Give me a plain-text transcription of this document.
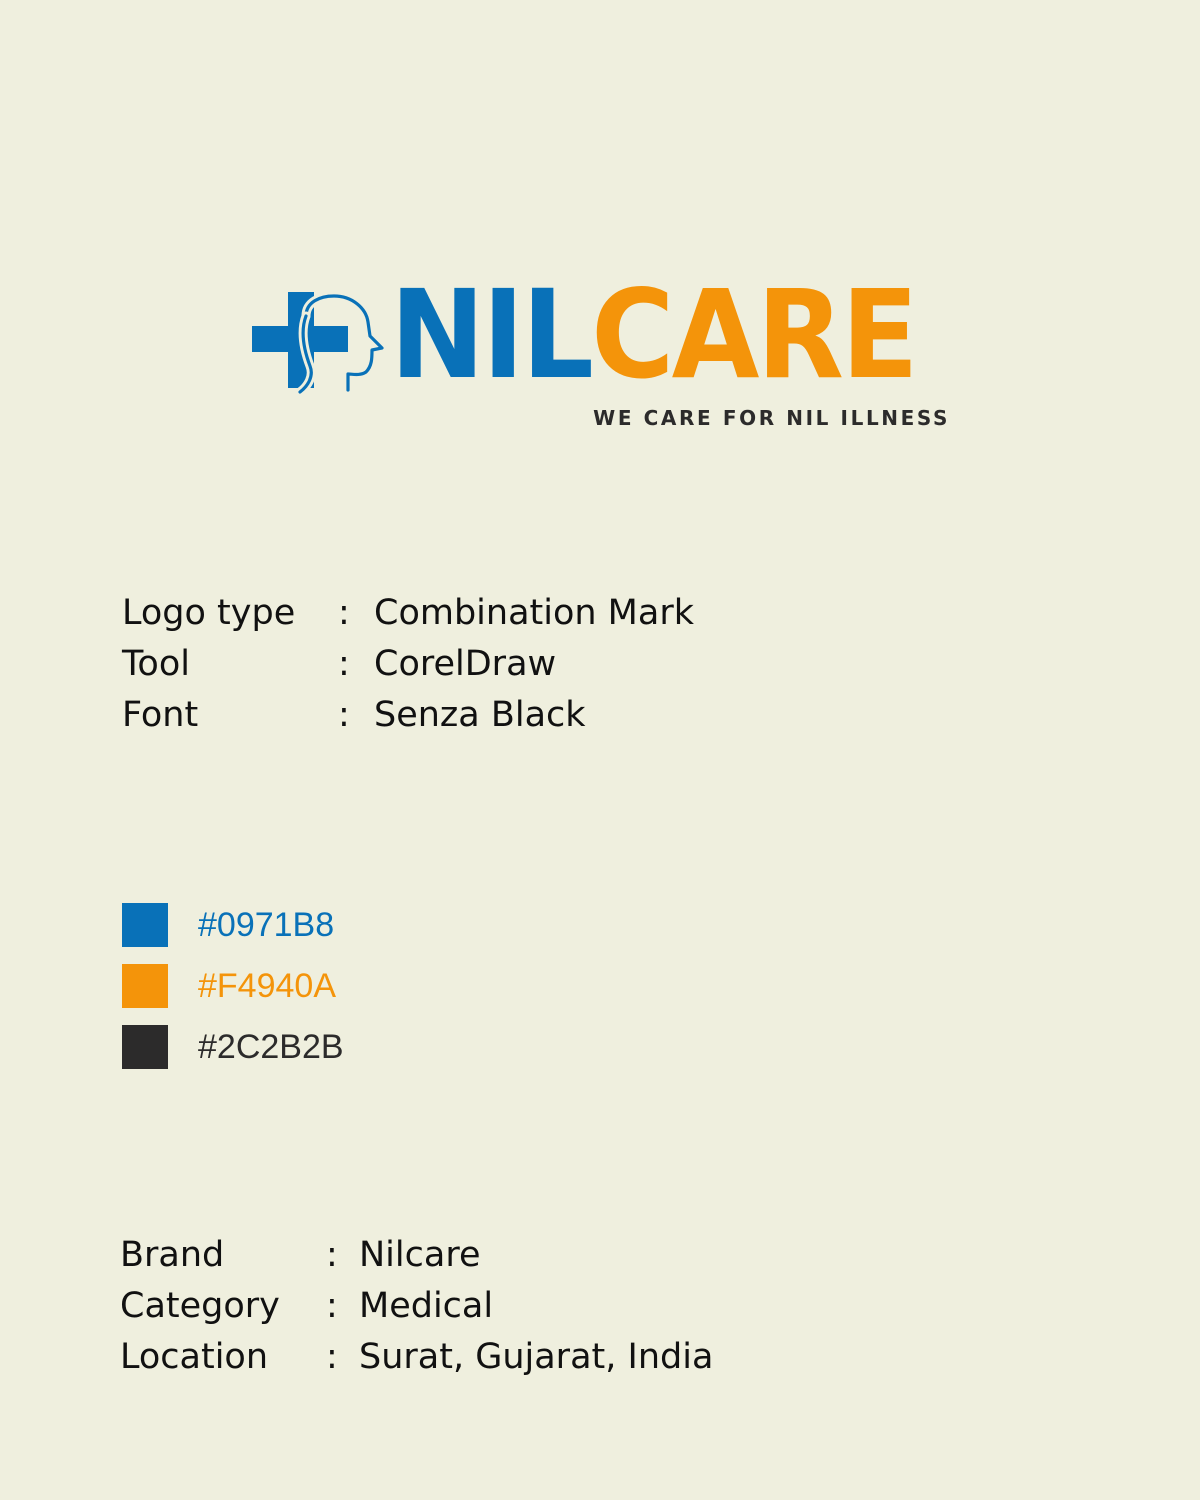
NILCARE
WE CARE FOR NIL ILLNESS
Logo type	: Combination Mark
Tool	: CorelDraw
Font	: Senza Black
#0971B8
#F4940A
#2C2B2B
Brand	: Nilcare
Category	: Medical
Location	: Surat, Gujarat, India
